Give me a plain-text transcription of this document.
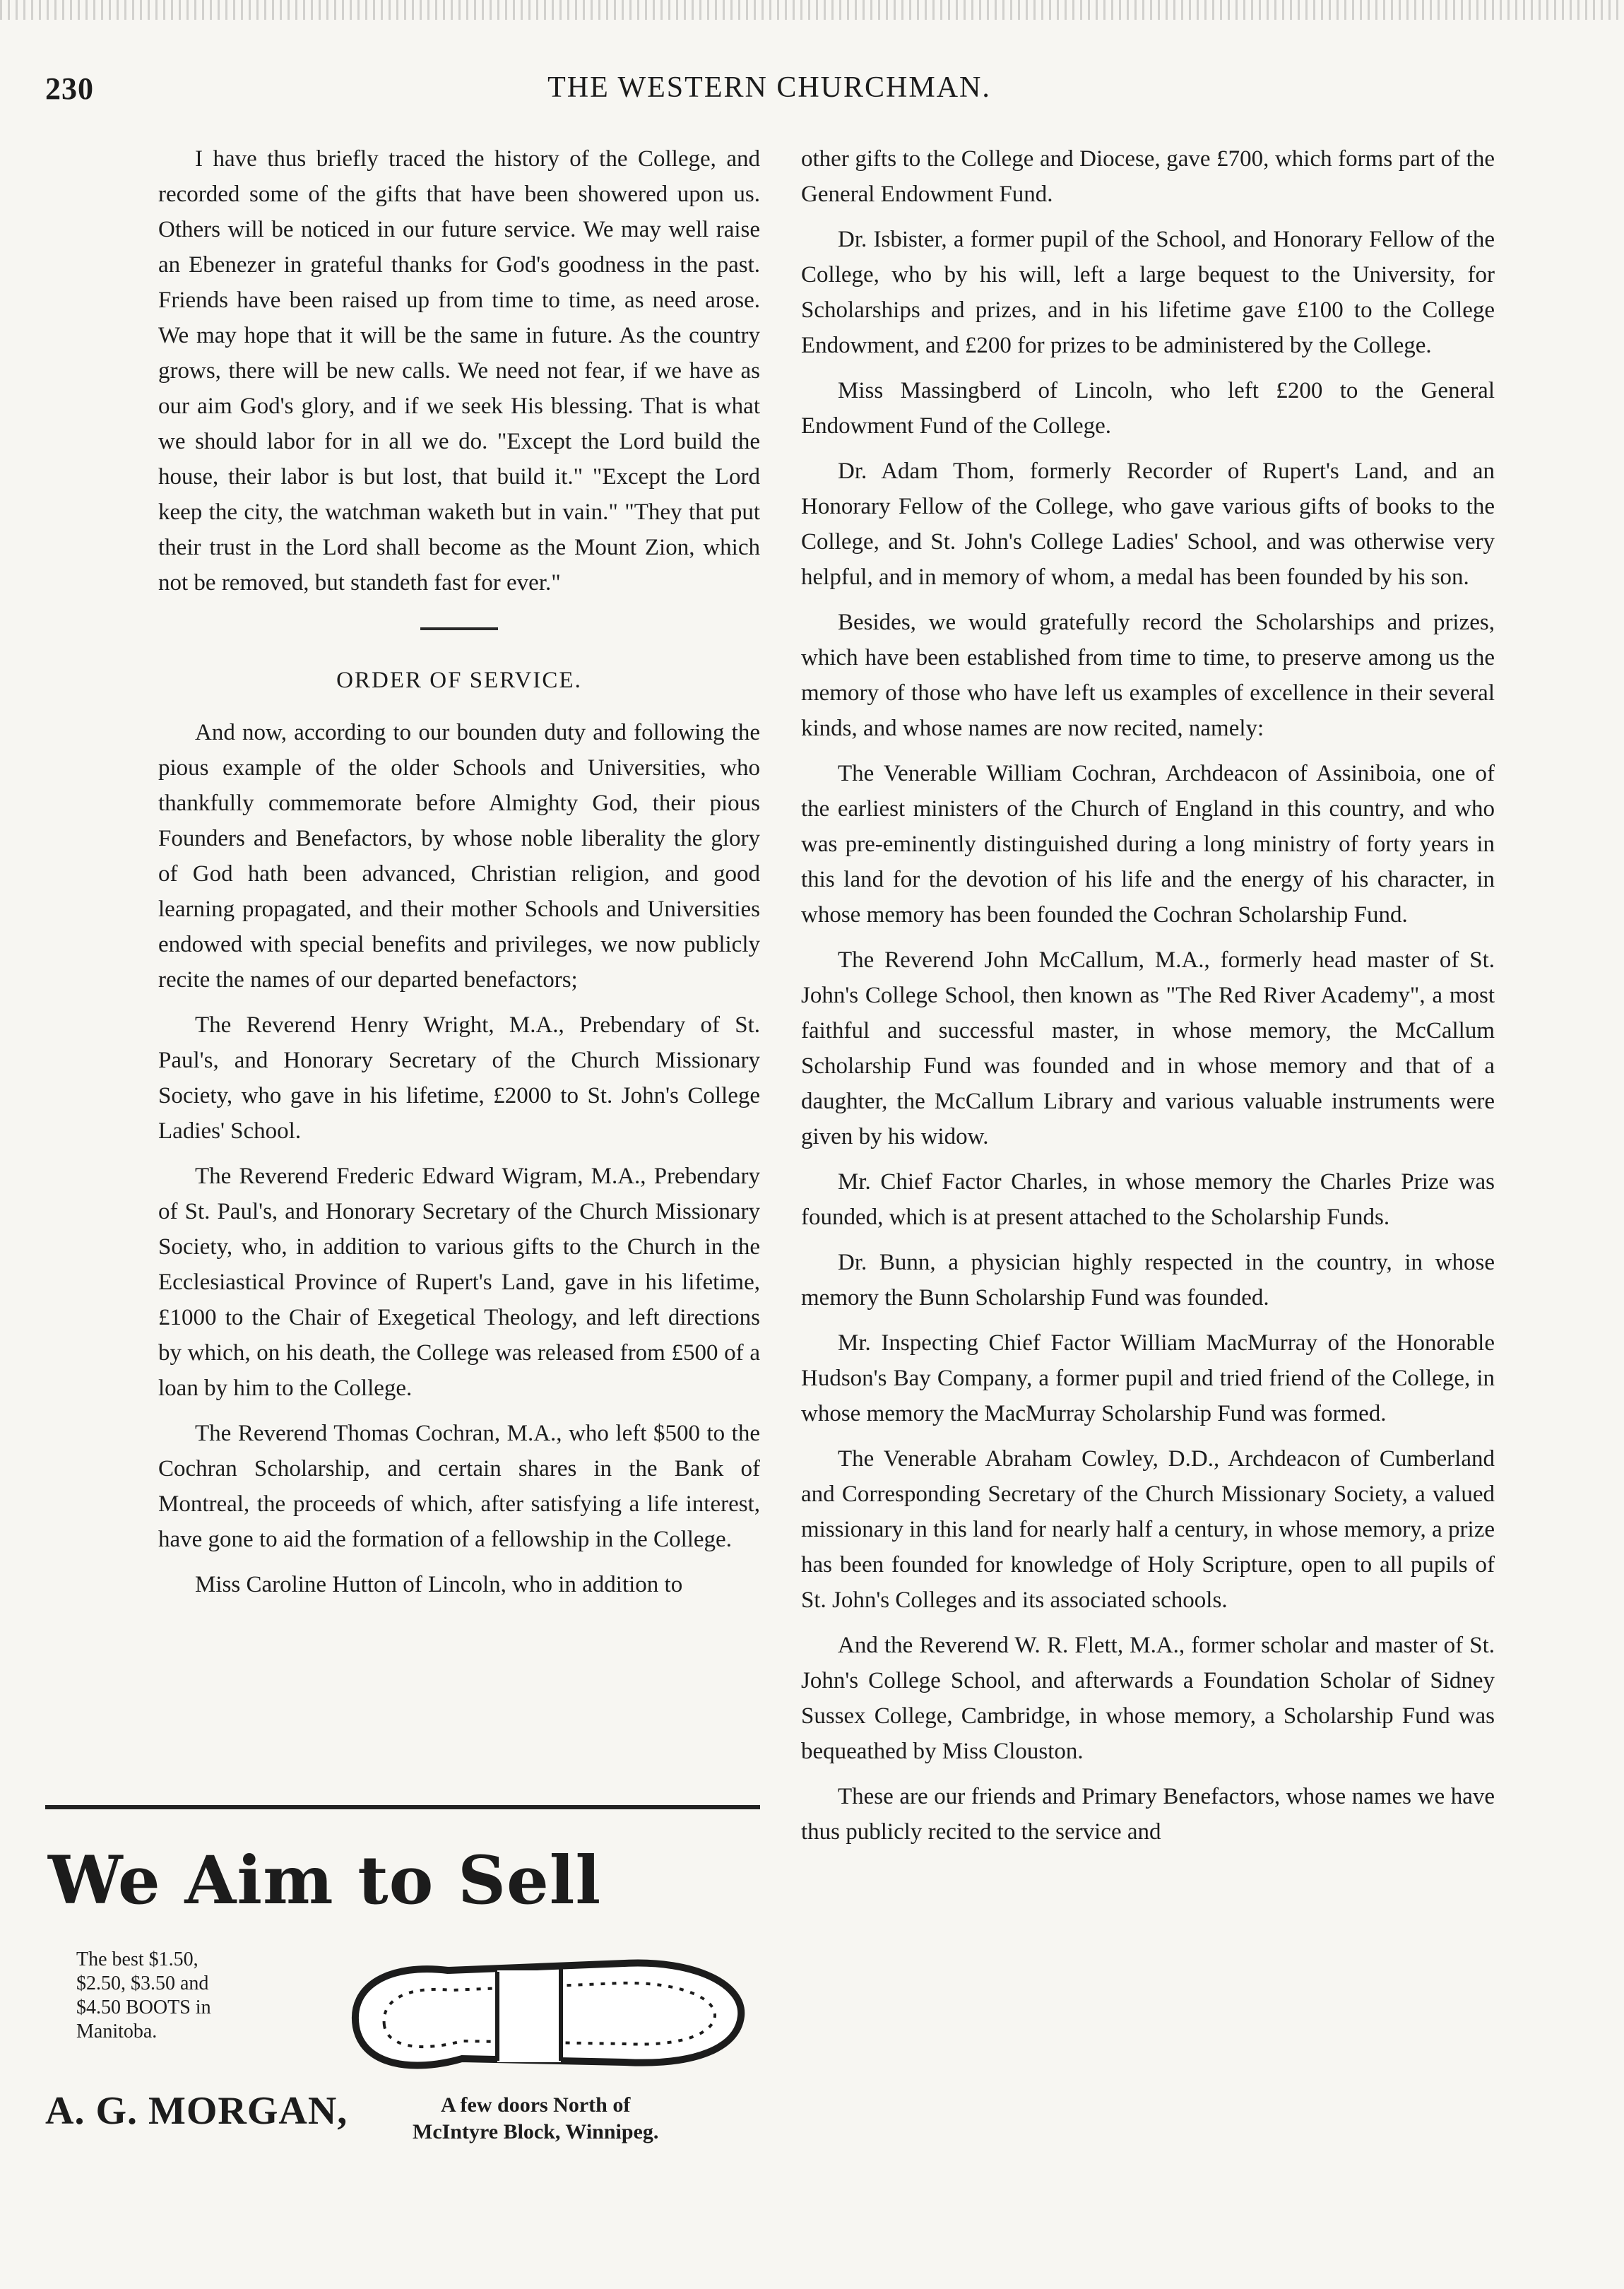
230	THE WESTERN CHURCHMAN.

I have thus briefly traced the history of the College, and recorded some of the gifts that have been showered upon us. Others will be noticed in our future service. We may well raise an Ebenezer in grateful thanks for God's goodness in the past. Friends have been raised up from time to time, as need arose. We may hope that it will be the same in future. As the country grows, there will be new calls. We need not fear, if we have as our aim God's glory, and if we seek His blessing. That is what we should labor for in all we do. "Except the Lord build the house, their labor is but lost, that build it." "Except the Lord keep the city, the watchman waketh but in vain." "They that put their trust in the Lord shall become as the Mount Zion, which not be removed, but standeth fast for ever."

ORDER OF SERVICE.

And now, according to our bounden duty and following the pious example of the older Schools and Universities, who thankfully commemorate before Almighty God, their pious Founders and Benefactors, by whose noble liberality the glory of God hath been advanced, Christian religion, and good learning propagated, and their mother Schools and Universities endowed with special benefits and privileges, we now publicly recite the names of our departed benefactors;

The Reverend Henry Wright, M.A., Prebendary of St. Paul's, and Honorary Secretary of the Church Missionary Society, who gave in his lifetime, £2000 to St. John's College Ladies' School.

The Reverend Frederic Edward Wigram, M.A., Prebendary of St. Paul's, and Honorary Secretary of the Church Missionary Society, who, in addition to various gifts to the Church in the Ecclesiastical Province of Rupert's Land, gave in his lifetime, £1000 to the Chair of Exegetical Theology, and left directions by which, on his death, the College was released from £500 of a loan by him to the College.

The Reverend Thomas Cochran, M.A., who left $500 to the Cochran Scholarship, and certain shares in the Bank of Montreal, the proceeds of which, after satisfying a life interest, have gone to aid the formation of a fellowship in the College.

Miss Caroline Hutton of Lincoln, who in addition to

other gifts to the College and Diocese, gave £700, which forms part of the General Endowment Fund.

Dr. Isbister, a former pupil of the School, and Honorary Fellow of the College, who by his will, left a large bequest to the University, for Scholarships and prizes, and in his lifetime gave £100 to the College Endowment, and £200 for prizes to be administered by the College.

Miss Massingberd of Lincoln, who left £200 to the General Endowment Fund of the College.

Dr. Adam Thom, formerly Recorder of Rupert's Land, and an Honorary Fellow of the College, who gave various gifts of books to the College, and St. John's College Ladies' School, and was otherwise very helpful, and in memory of whom, a medal has been founded by his son.

Besides, we would gratefully record the Scholarships and prizes, which have been established from time to time, to preserve among us the memory of those who have left us examples of excellence in their several kinds, and whose names are now recited, namely:

The Venerable William Cochran, Archdeacon of Assiniboia, one of the earliest ministers of the Church of England in this country, and who was pre-eminently distinguished during a long ministry of forty years in this land for the devotion of his life and the energy of his character, in whose memory has been founded the Cochran Scholarship Fund.

The Reverend John McCallum, M.A., formerly head master of St. John's College School, then known as "The Red River Academy", a most faithful and successful master, in whose memory, the McCallum Scholarship Fund was founded and in whose memory and that of a daughter, the McCallum Library and various valuable instruments were given by his widow.

Mr. Chief Factor Charles, in whose memory the Charles Prize was founded, which is at present attached to the Scholarship Funds.

Dr. Bunn, a physician highly respected in the country, in whose memory the Bunn Scholarship Fund was founded.

Mr. Inspecting Chief Factor William MacMurray of the Honorable Hudson's Bay Company, a former pupil and tried friend of the College, in whose memory the MacMurray Scholarship Fund was formed.

The Venerable Abraham Cowley, D.D., Archdeacon of Cumberland and Corresponding Secretary of the Church Missionary Society, a valued missionary in this land for nearly half a century, in whose memory, a prize has been founded for knowledge of Holy Scripture, open to all pupils of St. John's Colleges and its associated schools.

And the Reverend W. R. Flett, M.A., former scholar and master of St. John's College School, and afterwards a Foundation Scholar of Sidney Sussex College, Cambridge, in whose memory, a Scholarship Fund was bequeathed by Miss Clouston.

These are our friends and Primary Benefactors, whose names we have thus publicly recited to the service and

We Aim to Sell
The best $1.50,
$2.50, $3.50 and
$4.50 BOOTS in
Manitoba.
A. G. MORGAN,	A few doors North of
McIntyre Block, Winnipeg.
